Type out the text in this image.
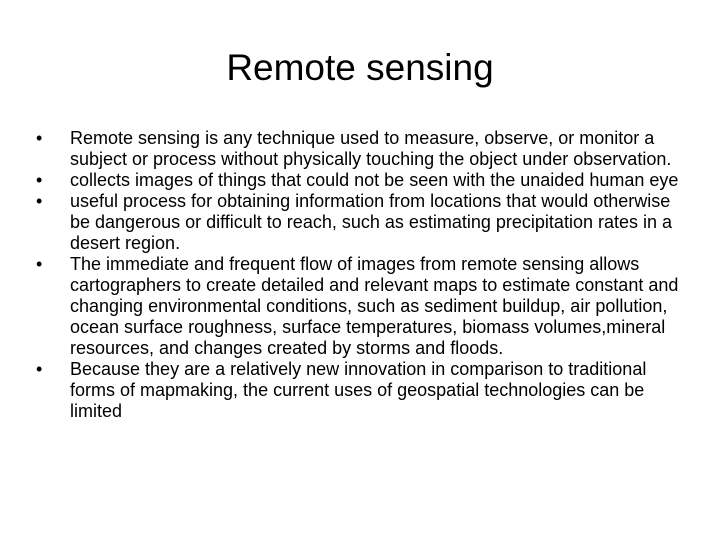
Remote sensing
•	Remote sensing is any technique used to measure, observe, or monitor a subject or process without physically touching the object under observation.
•	collects images of things that could not be seen with the unaided human eye
•	useful process for obtaining information from locations that would otherwise be dangerous or difficult to reach, such as estimating precipitation rates in a desert region.
•	The immediate and frequent flow of images from remote sensing allows cartographers to create detailed and relevant maps to estimate constant and changing environmental conditions, such as sediment buildup, air pollution, ocean surface roughness, surface temperatures, biomass volumes,mineral resources, and changes created by storms and floods.
•	Because they are a relatively new innovation in comparison to traditional forms of mapmaking, the current uses of geospatial technologies can be limited
